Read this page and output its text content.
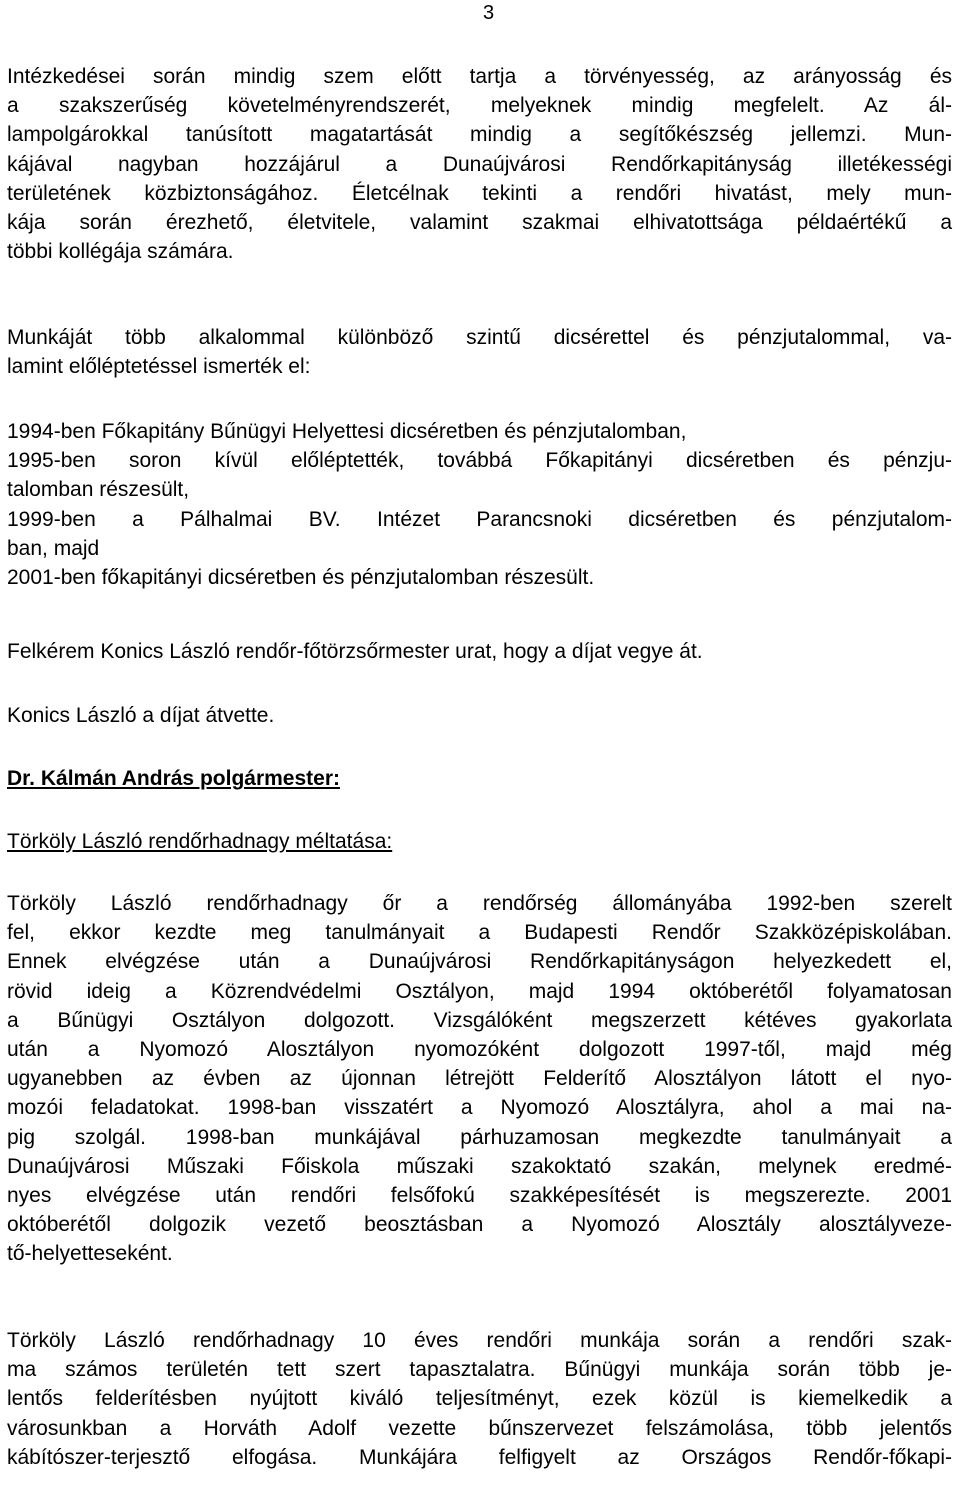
3
Intézkedései során mindig szem előtt tartja a törvényesség, az arányosság és
a szakszerűség követelményrendszerét, melyeknek mindig megfelelt. Az ál-
lampolgárokkal tanúsított magatartását mindig a segítőkészség jellemzi. Mun-
kájával nagyban hozzájárul a Dunaújvárosi Rendőrkapitányság illetékességi
területének közbiztonságához. Életcélnak tekinti a rendőri hivatást, mely mun-
kája során érezhető, életvitele, valamint szakmai elhivatottsága példaértékű a
többi kollégája számára.
Munkáját több alkalommal különböző szintű dicsérettel és pénzjutalommal, va-
lamint előléptetéssel ismerték el:
1994-ben Főkapitány Bűnügyi Helyettesi dicséretben és pénzjutalomban,
1995-ben soron kívül előléptették, továbbá Főkapitányi dicséretben és pénzju-
talomban részesült,
1999-ben a Pálhalmai BV. Intézet Parancsnoki dicséretben és pénzjutalom-
ban, majd
2001-ben főkapitányi dicséretben és pénzjutalomban részesült.
Felkérem Konics László rendőr-főtörzsőrmester urat, hogy a díjat vegye át.
Konics László a díjat átvette.
Dr. Kálmán András polgármester:
Törköly László rendőrhadnagy méltatása:
Törköly László rendőrhadnagy őr a rendőrség állományába 1992-ben szerelt
fel, ekkor kezdte meg tanulmányait a Budapesti Rendőr Szakközépiskolában.
Ennek elvégzése után a Dunaújvárosi Rendőrkapitányságon helyezkedett el,
rövid ideig a Közrendvédelmi Osztályon, majd 1994 októberétől folyamatosan
a Bűnügyi Osztályon dolgozott. Vizsgálóként megszerzett kétéves gyakorlata
után a Nyomozó Alosztályon nyomozóként dolgozott 1997-től, majd még
ugyanebben az évben az újonnan létrejött Felderítő Alosztályon látott el nyo-
mozói feladatokat. 1998-ban visszatért a Nyomozó Alosztályra, ahol a mai na-
pig szolgál. 1998-ban munkájával párhuzamosan megkezdte tanulmányait a
Dunaújvárosi Műszaki Főiskola műszaki szakoktató szakán, melynek eredmé-
nyes elvégzése után rendőri felsőfokú szakképesítését is megszerezte. 2001
októberétől dolgozik vezető beosztásban a Nyomozó Alosztály alosztályveze-
tő-helyetteseként.
Törköly László rendőrhadnagy 10 éves rendőri munkája során a rendőri szak-
ma számos területén tett szert tapasztalatra. Bűnügyi munkája során több je-
lentős felderítésben nyújtott kiváló teljesítményt, ezek közül is kiemelkedik a
városunkban a Horváth Adolf vezette bűnszervezet felszámolása, több jelentős
kábítószer-terjesztő elfogása. Munkájára felfigyelt az Országos Rendőr-főkapi-
